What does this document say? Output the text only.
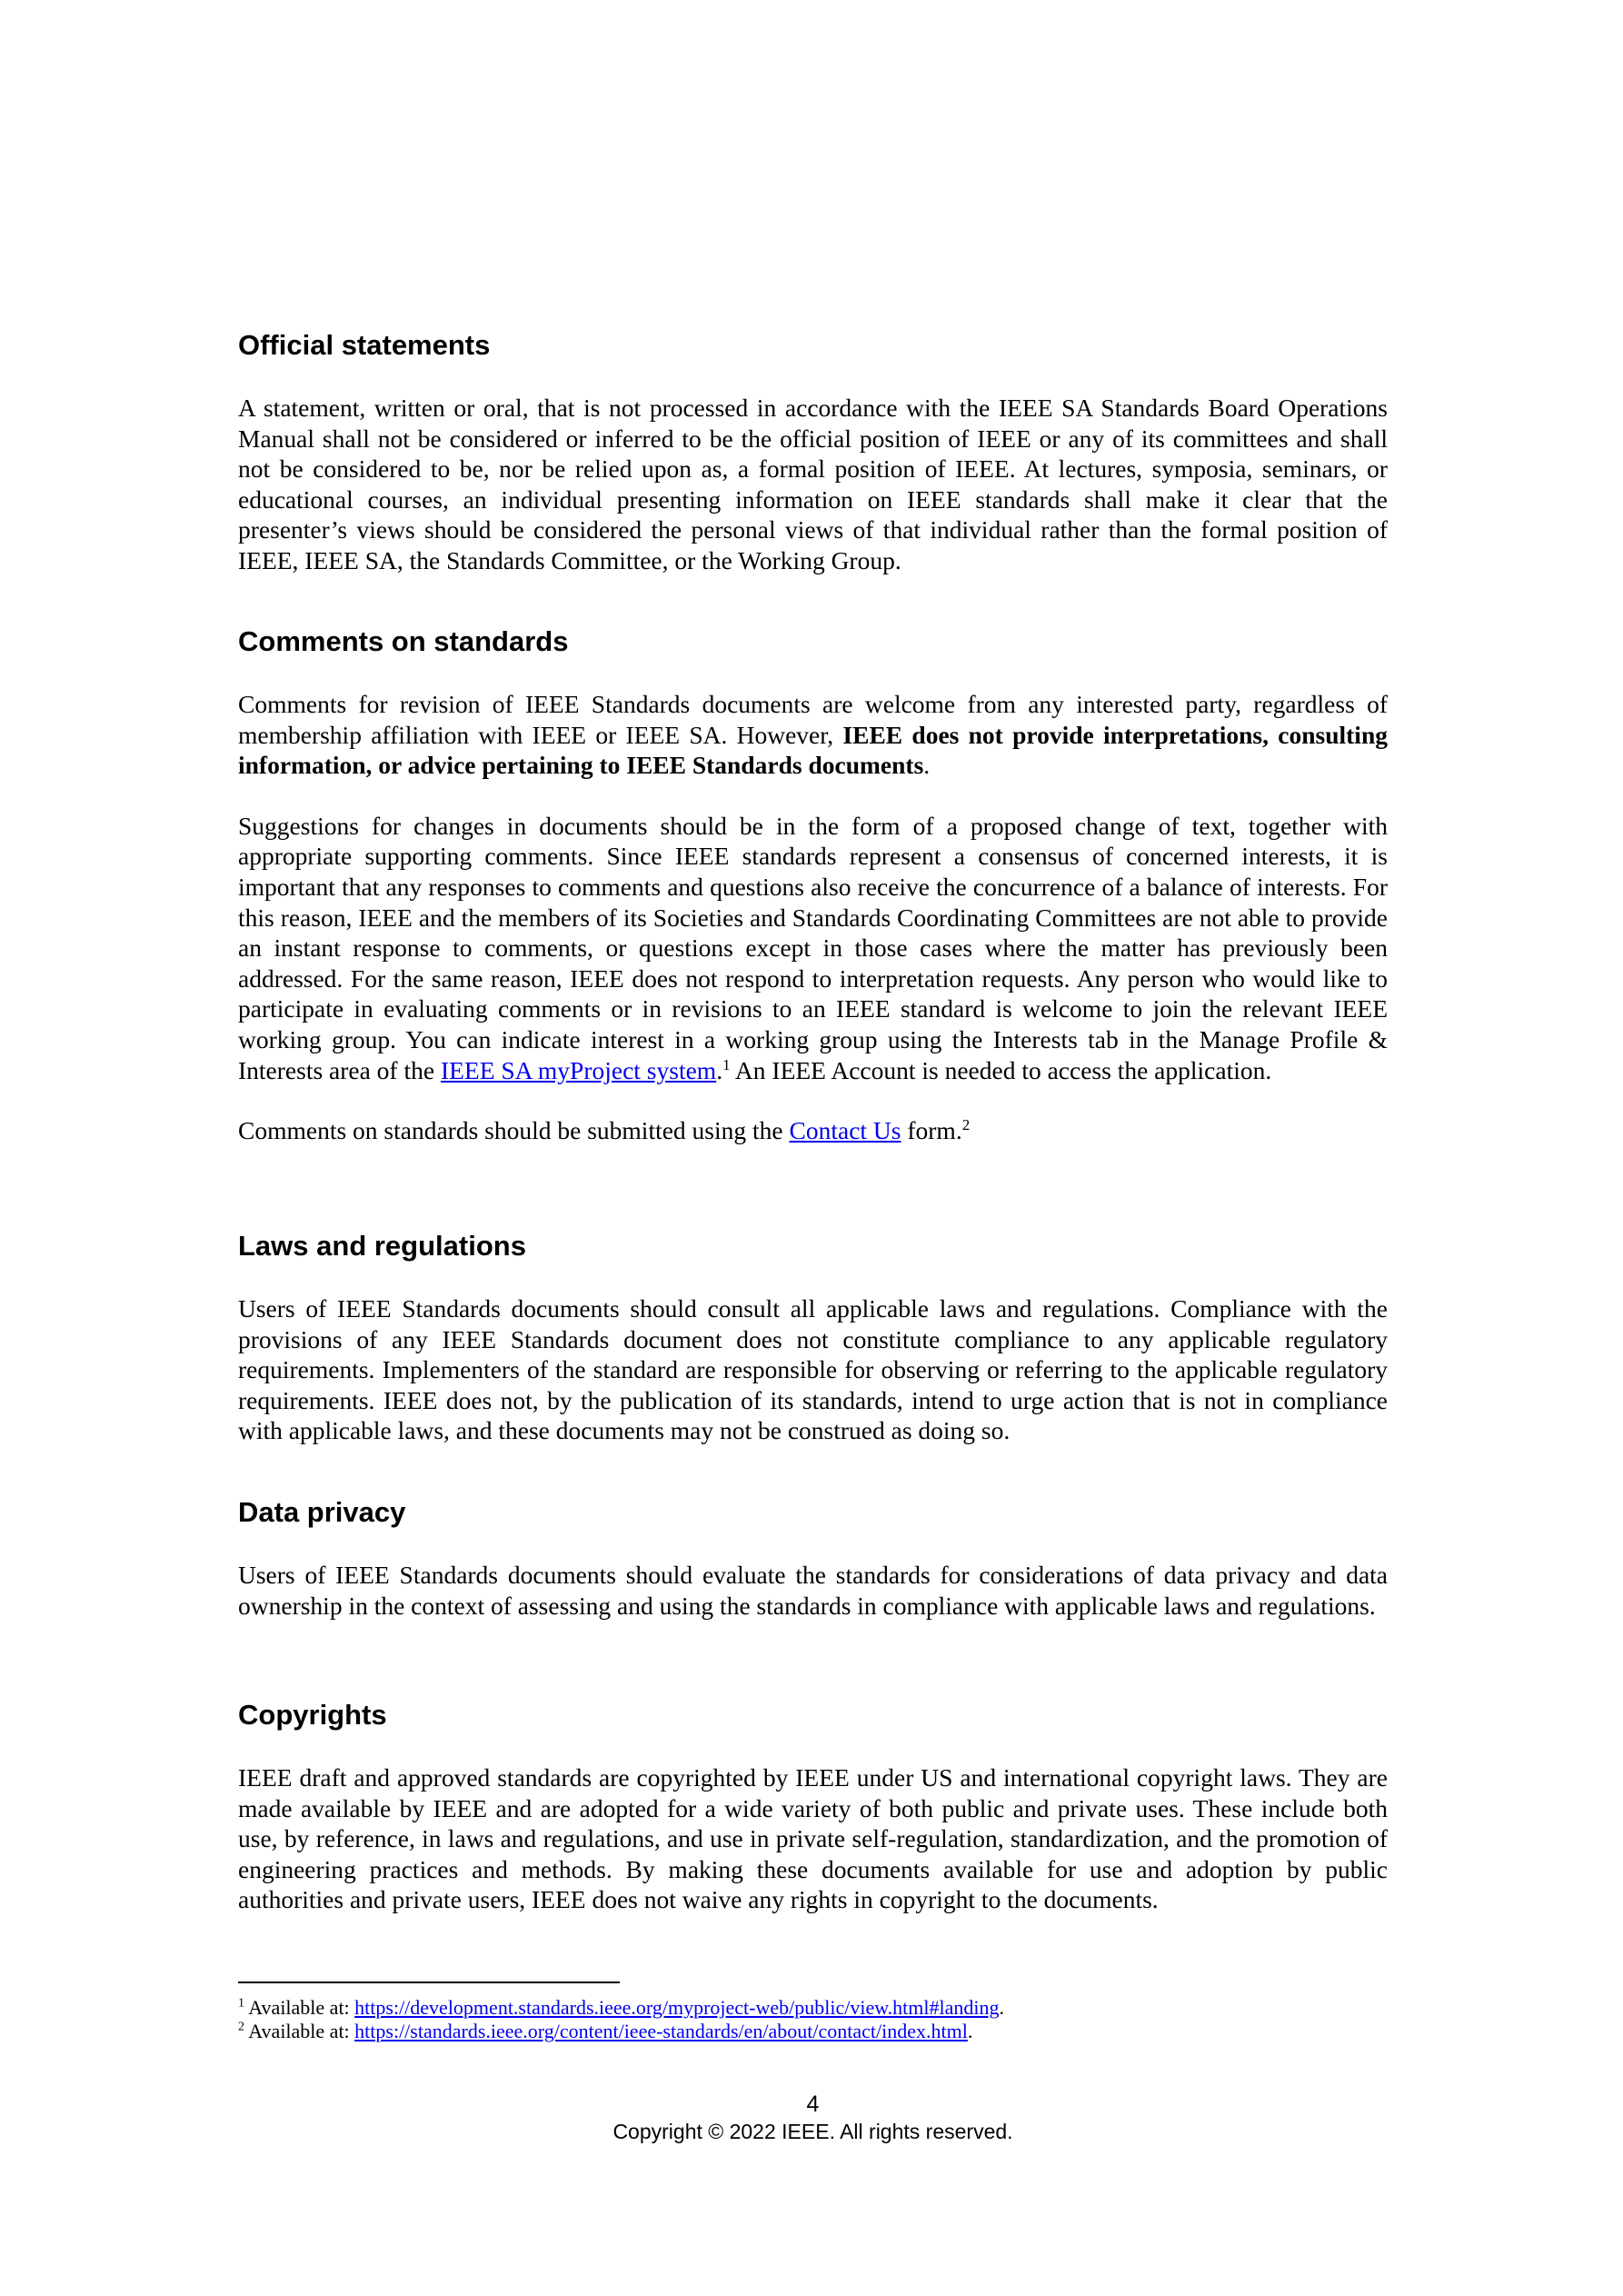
Official statements

A statement, written or oral, that is not processed in accordance with the IEEE SA Standards Board Operations Manual shall not be considered or inferred to be the official position of IEEE or any of its committees and shall not be considered to be, nor be relied upon as, a formal position of IEEE. At lectures, symposia, seminars, or educational courses, an individual presenting information on IEEE standards shall make it clear that the presenter’s views should be considered the personal views of that individual rather than the formal position of IEEE, IEEE SA, the Standards Committee, or the Working Group.

Comments on standards

Comments for revision of IEEE Standards documents are welcome from any interested party, regardless of membership affiliation with IEEE or IEEE SA. However, IEEE does not provide interpretations, consulting information, or advice pertaining to IEEE Standards documents.

Suggestions for changes in documents should be in the form of a proposed change of text, together with appropriate supporting comments. Since IEEE standards represent a consensus of concerned interests, it is important that any responses to comments and questions also receive the concurrence of a balance of interests. For this reason, IEEE and the members of its Societies and Standards Coordinating Committees are not able to provide an instant response to comments, or questions except in those cases where the matter has previously been addressed. For the same reason, IEEE does not respond to interpretation requests. Any person who would like to participate in evaluating comments or in revisions to an IEEE standard is welcome to join the relevant IEEE working group. You can indicate interest in a working group using the Interests tab in the Manage Profile & Interests area of the IEEE SA myProject system.$^1$ An IEEE Account is needed to access the application.

Comments on standards should be submitted using the Contact Us form.$^2$

Laws and regulations

Users of IEEE Standards documents should consult all applicable laws and regulations. Compliance with the provisions of any IEEE Standards document does not constitute compliance to any applicable regulatory requirements. Implementers of the standard are responsible for observing or referring to the applicable regulatory requirements. IEEE does not, by the publication of its standards, intend to urge action that is not in compliance with applicable laws, and these documents may not be construed as doing so.

Data privacy

Users of IEEE Standards documents should evaluate the standards for considerations of data privacy and data ownership in the context of assessing and using the standards in compliance with applicable laws and regulations.

Copyrights

IEEE draft and approved standards are copyrighted by IEEE under US and international copyright laws. They are made available by IEEE and are adopted for a wide variety of both public and private uses. These include both use, by reference, in laws and regulations, and use in private self-regulation, standardization, and the promotion of engineering practices and methods. By making these documents available for use and adoption by public authorities and private users, IEEE does not waive any rights in copyright to the documents.

$^1$ Available at: https://development.standards.ieee.org/myproject-web/public/view.html#landing.
$^2$ Available at: https://standards.ieee.org/content/ieee-standards/en/about/contact/index.html.
4
Copyright © 2022 IEEE. All rights reserved.
